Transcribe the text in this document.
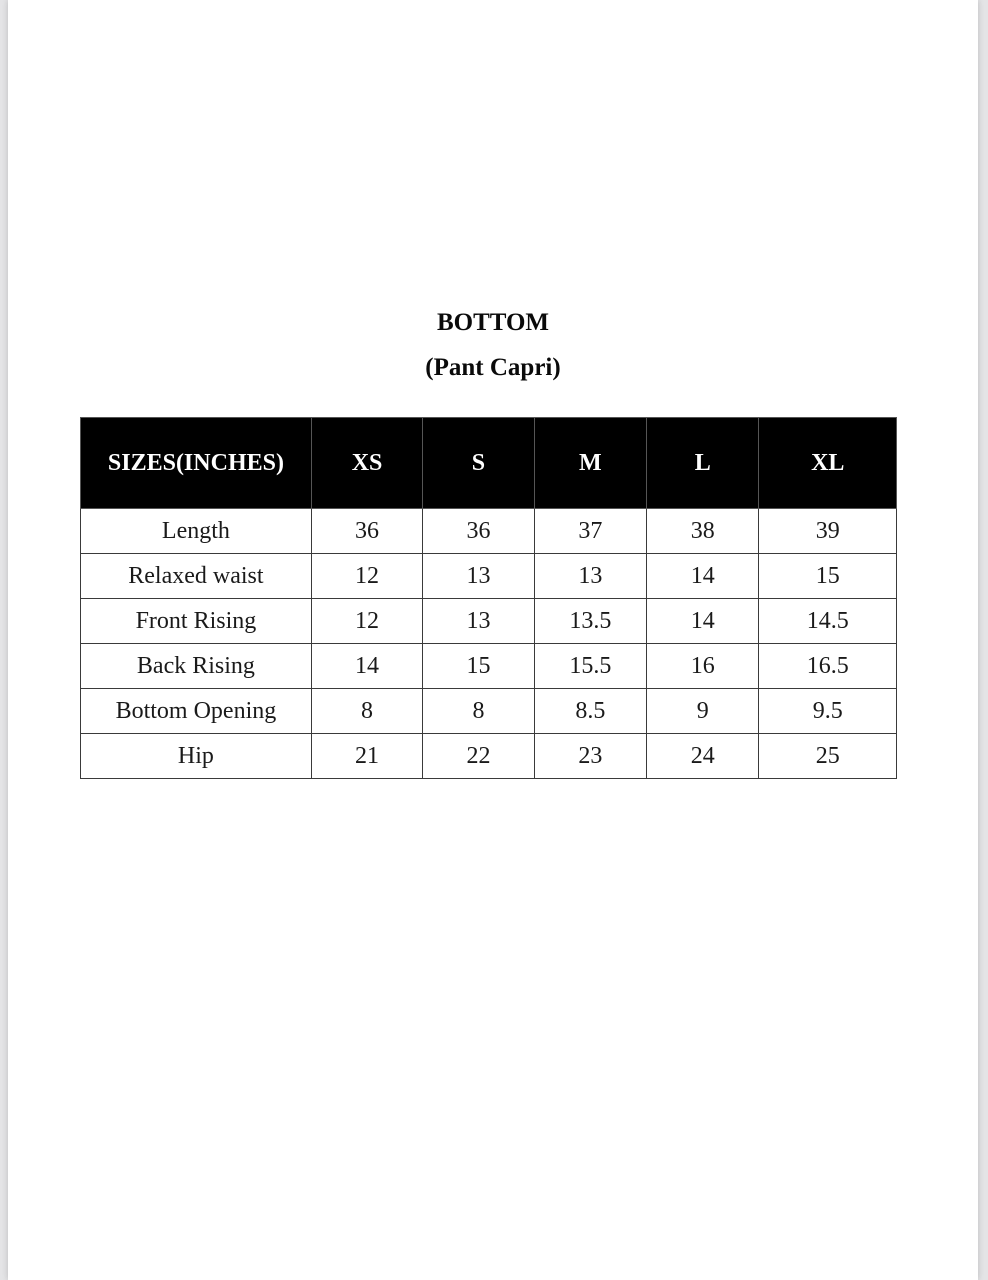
BOTTOM
(Pant Capri)
SIZES(INCHES)	XS	S	M	L	XL
Length	36	36	37	38	39
Relaxed waist	12	13	13	14	15
Front Rising	12	13	13.5	14	14.5
Back Rising	14	15	15.5	16	16.5
Bottom Opening	8	8	8.5	9	9.5
Hip	21	22	23	24	25
